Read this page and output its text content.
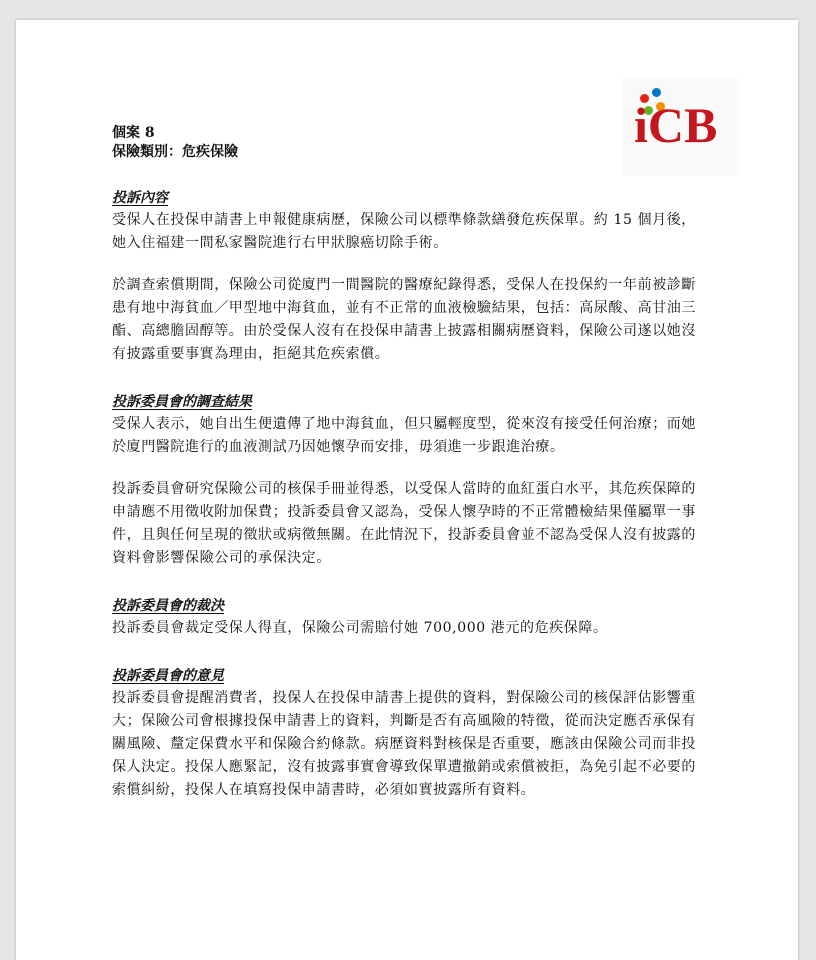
iCB
個案 8
保險類別：危疾保險
投訴內容

受保人在投保申請書上申報健康病歷，保險公司以標準條款繕發危疾保單。約 15 個月後，她入住福建一間私家醫院進行右甲狀腺癌切除手術。

於調查索償期間，保險公司從廈門一間醫院的醫療紀錄得悉，受保人在投保約一年前被診斷患有地中海貧血／甲型地中海貧血，並有不正常的血液檢驗結果，包括：高尿酸、高甘油三酯、高總膽固醇等。由於受保人沒有在投保申請書上披露相關病歷資料，保險公司遂以她沒有披露重要事實為理由，拒絕其危疾索償。

投訴委員會的調查結果

受保人表示，她自出生便遺傳了地中海貧血，但只屬輕度型，從來沒有接受任何治療；而她於廈門醫院進行的血液測試乃因她懷孕而安排，毋須進一步跟進治療。

投訴委員會研究保險公司的核保手冊並得悉，以受保人當時的血紅蛋白水平，其危疾保障的申請應不用徵收附加保費；投訴委員會又認為，受保人懷孕時的不正常體檢結果僅屬單一事件，且與任何呈現的徵狀或病徵無關。在此情況下，投訴委員會並不認為受保人沒有披露的資料會影響保險公司的承保決定。

投訴委員會的裁決

投訴委員會裁定受保人得直，保險公司需賠付她 700,000 港元的危疾保障。

投訴委員會的意見

投訴委員會提醒消費者，投保人在投保申請書上提供的資料，對保險公司的核保評估影響重大；保險公司會根據投保申請書上的資料，判斷是否有高風險的特徵，從而決定應否承保有關風險、釐定保費水平和保險合約條款。病歷資料對核保是否重要，應該由保險公司而非投保人決定。投保人應緊記，沒有披露事實會導致保單遭撤銷或索償被拒，為免引起不必要的索償糾紛，投保人在填寫投保申請書時，必須如實披露所有資料。
